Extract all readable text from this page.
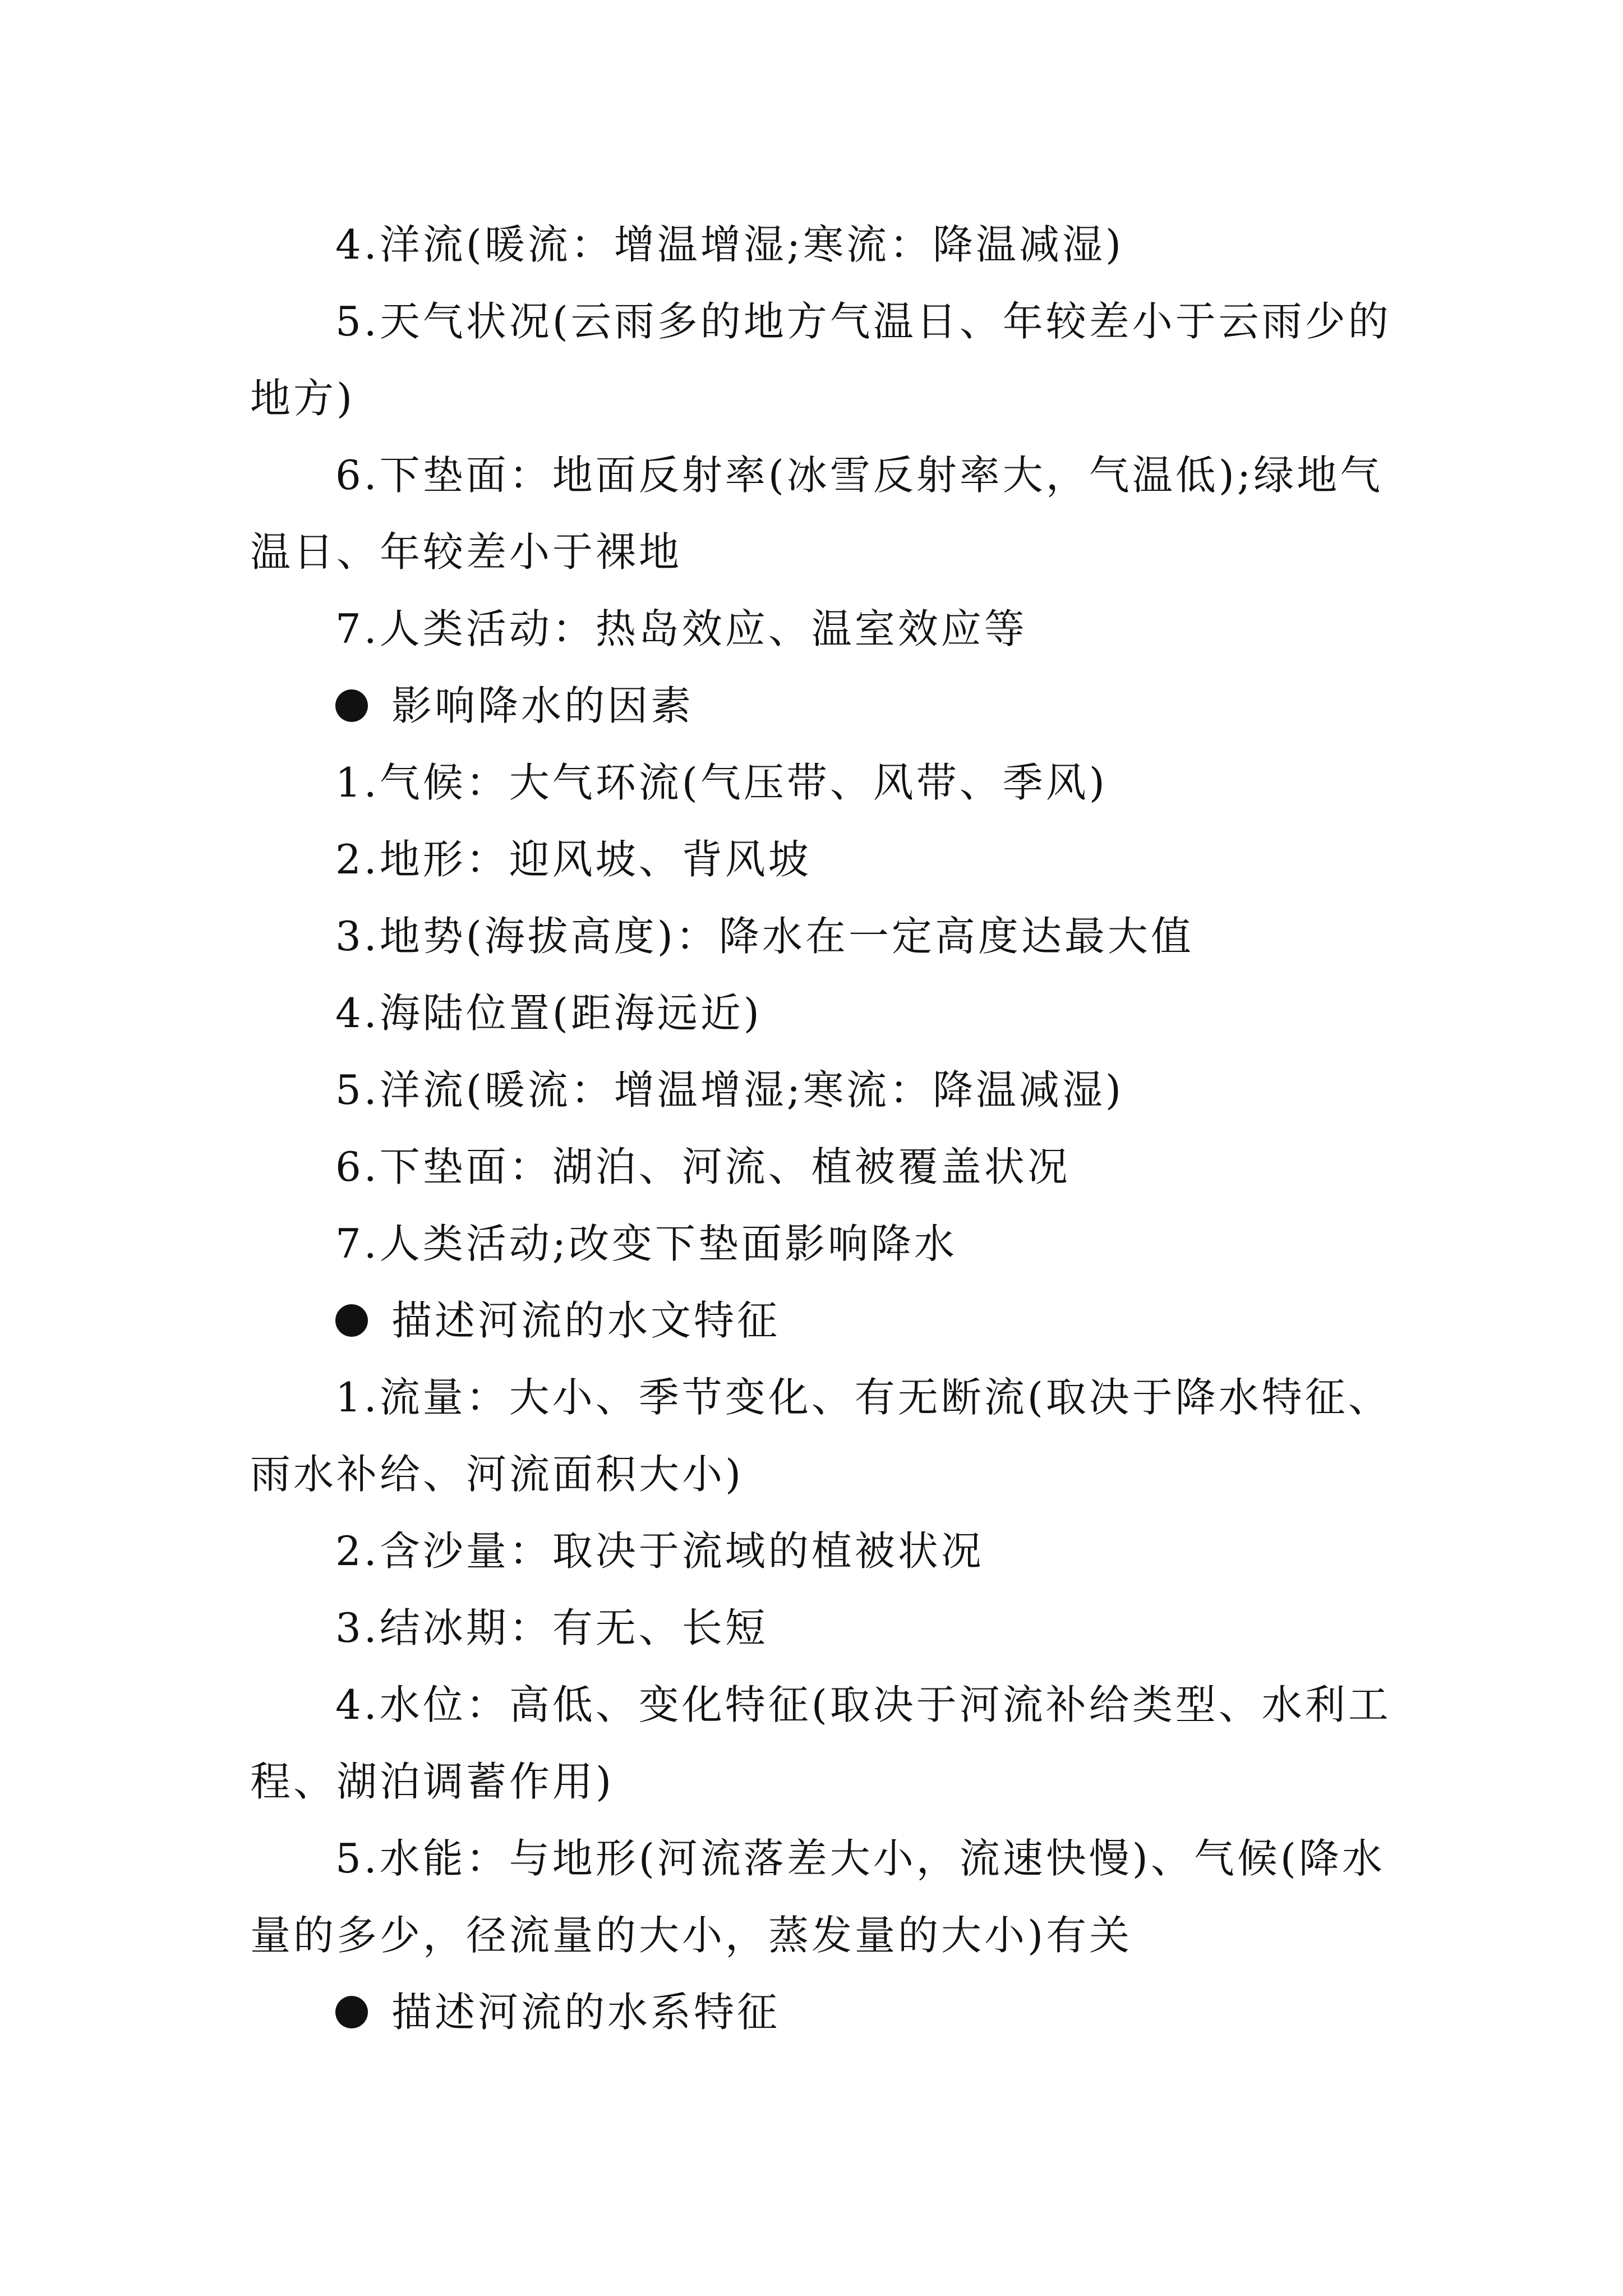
4.洋流(暖流：增温增湿;寒流：降温减湿)

5.天气状况(云雨多的地方气温日、年较差小于云雨少的地方)

6.下垫面：地面反射率(冰雪反射率大，气温低);绿地气温日、年较差小于裸地

7.人类活动：热岛效应、温室效应等

影响降水的因素

1.气候：大气环流(气压带、风带、季风)

2.地形：迎风坡、背风坡

3.地势(海拔高度)：降水在一定高度达最大值

4.海陆位置(距海远近)

5.洋流(暖流：增温增湿;寒流：降温减湿)

6.下垫面：湖泊、河流、植被覆盖状况

7.人类活动;改变下垫面影响降水

描述河流的水文特征

1.流量：大小、季节变化、有无断流(取决于降水特征、雨水补给、河流面积大小)

2.含沙量：取决于流域的植被状况

3.结冰期：有无、长短

4.水位：高低、变化特征(取决于河流补给类型、水利工程、湖泊调蓄作用)

5.水能：与地形(河流落差大小，流速快慢)、气候(降水量的多少，径流量的大小，蒸发量的大小)有关

描述河流的水系特征
